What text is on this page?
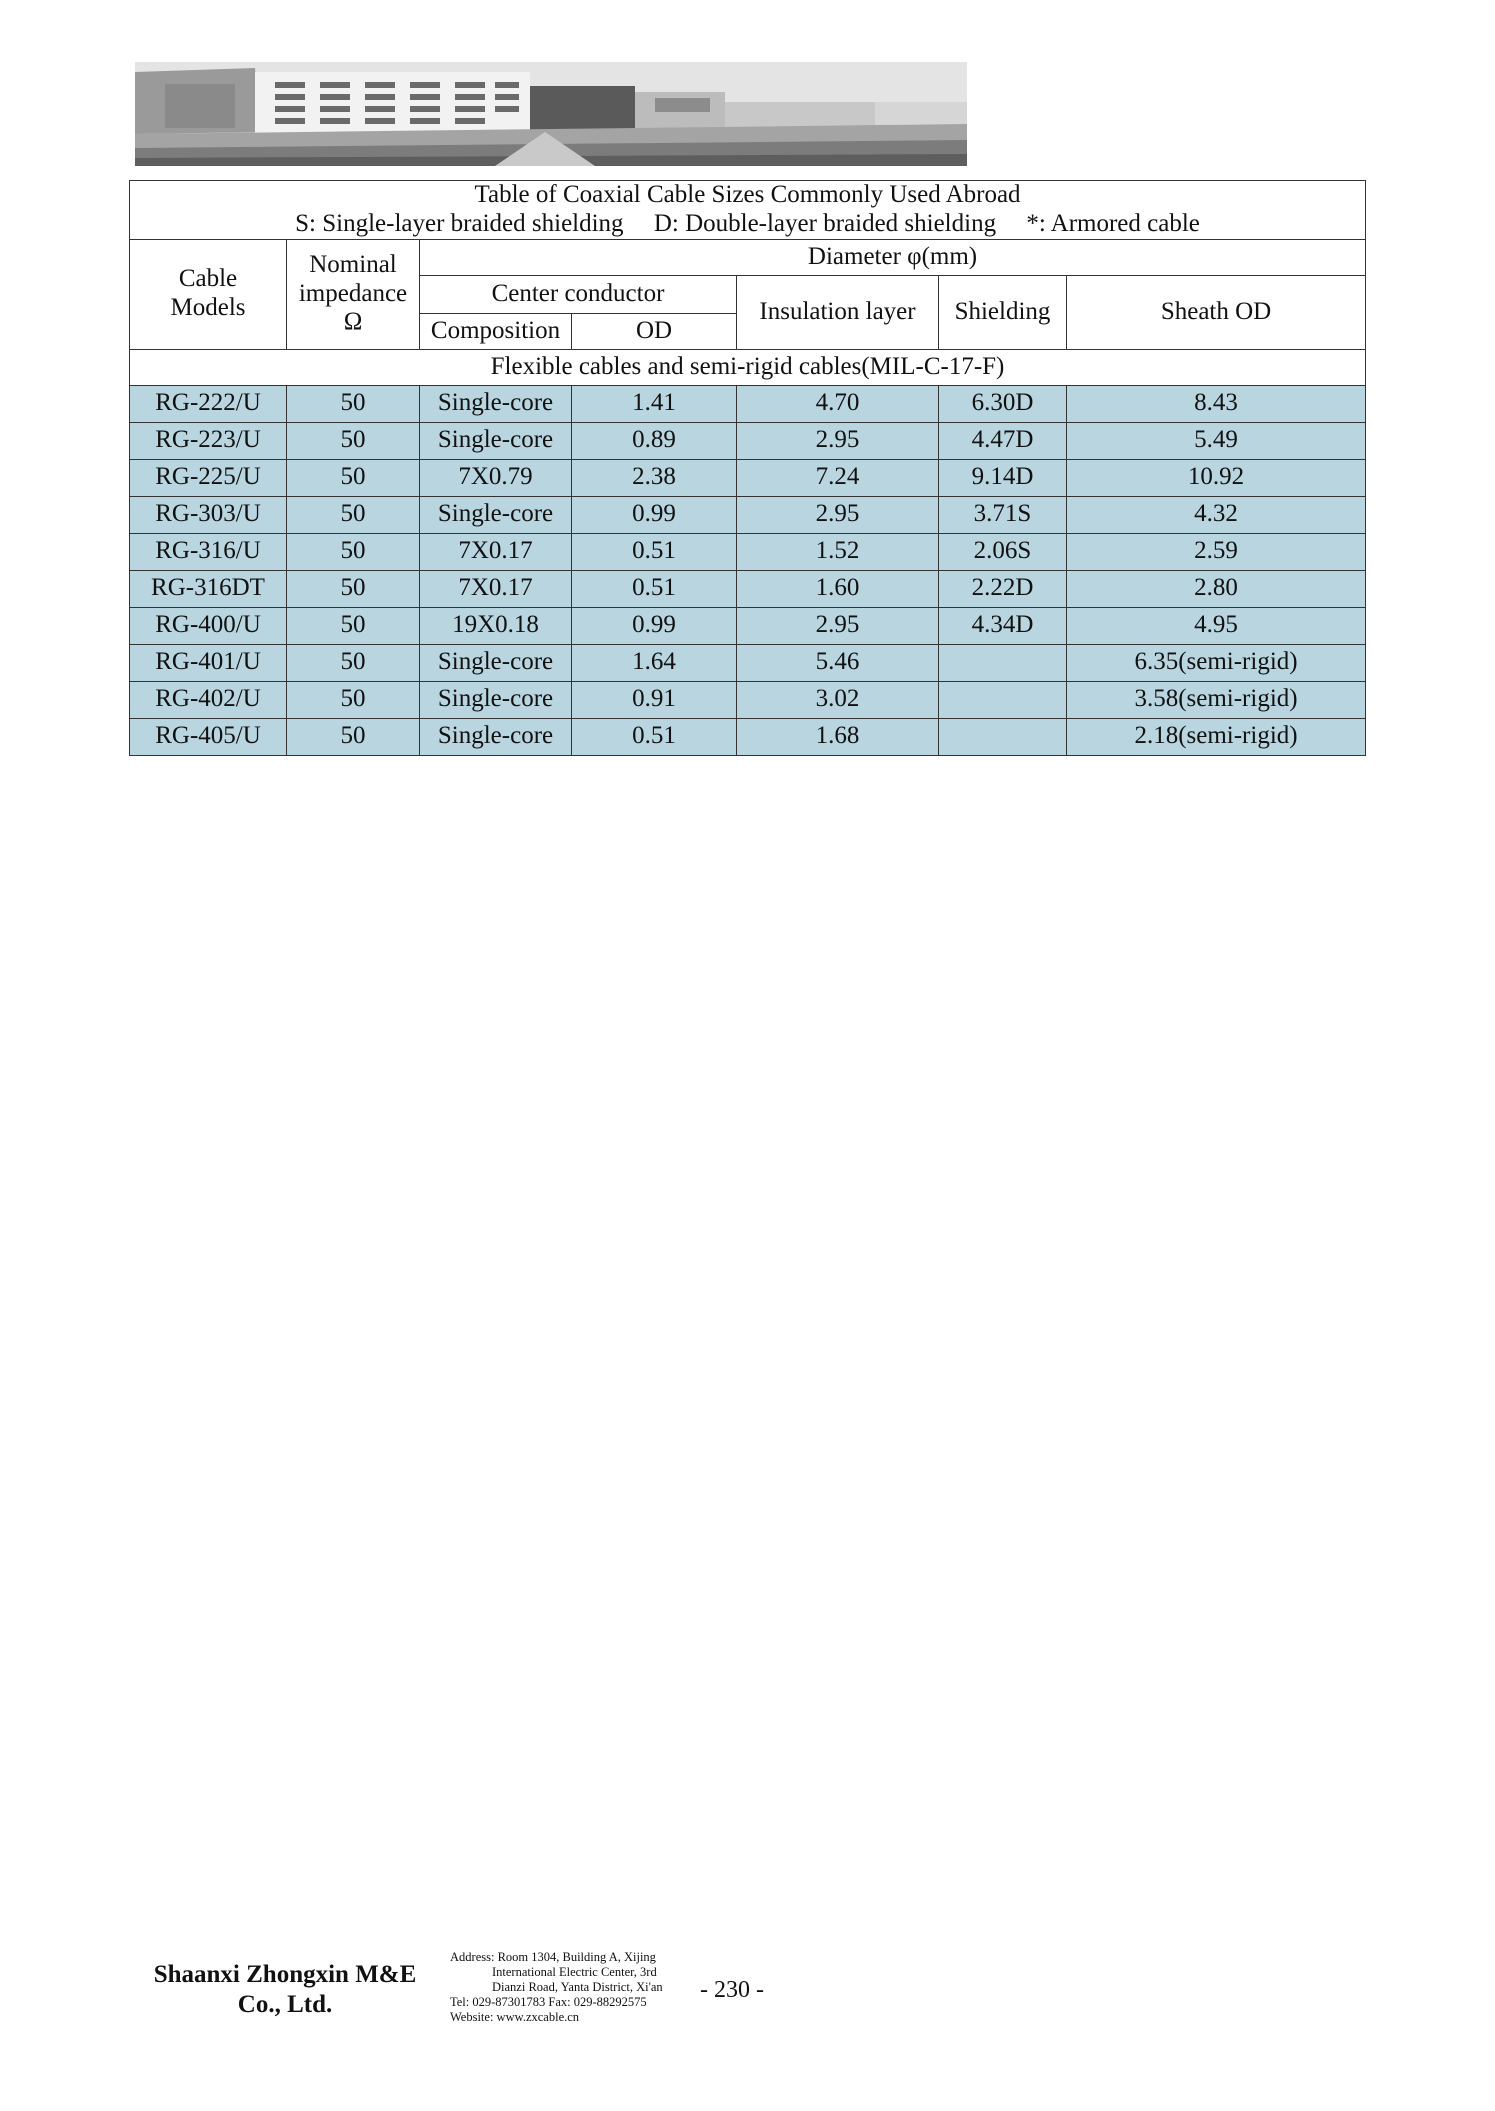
Table of Coaxial Cable Sizes Commonly Used Abroad
S: Single-layer braided shielding D: Double-layer braided shielding *: Armored cable						

Cable Models	Nominal
impedance
Ω	Diameter φ(mm)				
		Center conductor		Insulation layer	Shielding	Sheath OD
		Composition	OD			
Flexible cables and semi-rigid cables(MIL-C-17-F)						
RG-222/U	50	Single-core	1.41	4.70	6.30D	8.43
RG-223/U	50	Single-core	0.89	2.95	4.47D	5.49
RG-225/U	50	7X0.79	2.38	7.24	9.14D	10.92
RG-303/U	50	Single-core	0.99	2.95	3.71S	4.32
RG-316/U	50	7X0.17	0.51	1.52	2.06S	2.59
RG-316DT	50	7X0.17	0.51	1.60	2.22D	2.80
RG-400/U	50	19X0.18	0.99	2.95	4.34D	4.95
RG-401/U	50	Single-core	1.64	5.46		6.35(semi-rigid)
RG-402/U	50	Single-core	0.91	3.02		3.58(semi-rigid)
RG-405/U	50	Single-core	0.51	1.68		2.18(semi-rigid)
Shaanxi Zhongxin M&E
Co., Ltd.
Address: Room 1304, Building A, Xijing
International Electric Center, 3rd
Dianzi Road, Yanta District, Xi'an
Tel: 029-87301783 Fax: 029-88292575
Website: www.zxcable.cn
- 230 -
